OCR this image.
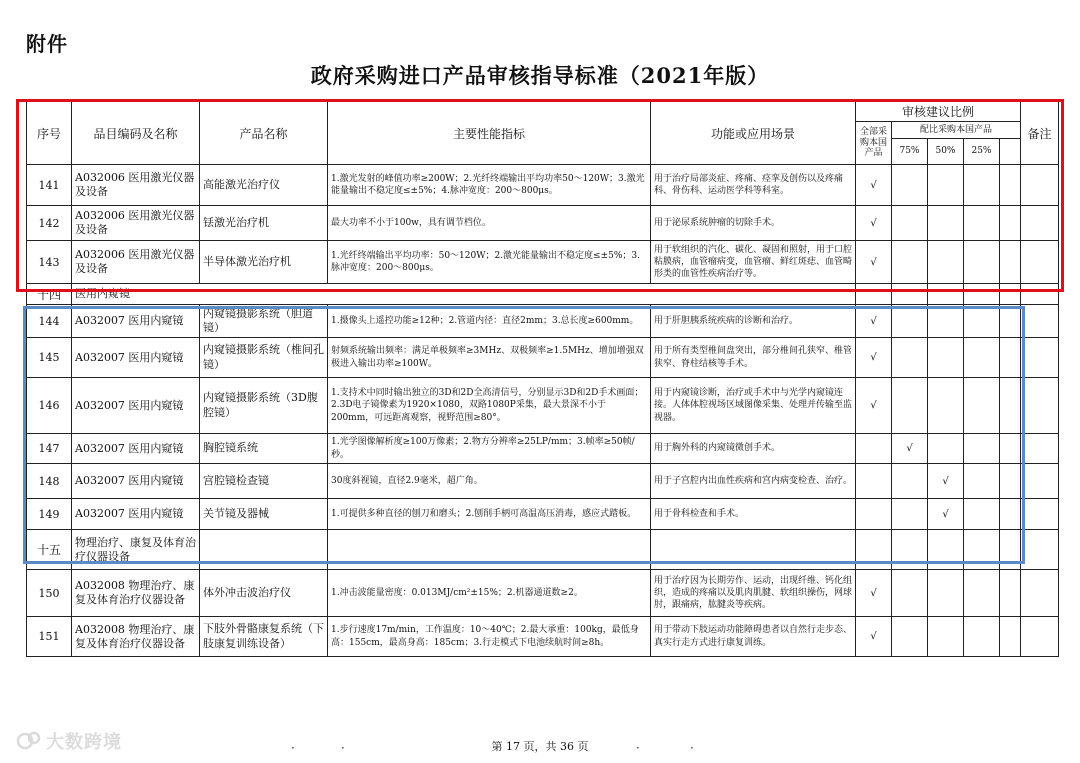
附件
政府采购进口产品审核指导标准（2021年版）
序号	品目编码及名称	产品名称	主要性能指标	功能或应用场景	审核建议比例					备注
					全部采购本国产品	配比采购本国产品				
						75%	50%	25%		
141	A032006 医用激光仪器及设备	高能激光治疗仪	1.激光发射的峰值功率≥200W；2.光纤终端输出平均功率50～120W；3.激光能量输出不稳定度≤±5%；4.脉冲宽度：200～800μs。	用于治疗局部炎症、疼痛、痉挛及创伤以及疼痛科、骨伤科、运动医学科等科室。	√					
142	A032006 医用激光仪器及设备	铥激光治疗机	最大功率不小于100w，具有调节档位。	用于泌尿系统肿瘤的切除手术。	√					
143	A032006 医用激光仪器及设备	半导体激光治疗机	1.光纤终端输出平均功率：50～120W；2.激光能量输出不稳定度≤±5%；3.脉冲宽度：200～800μs。	用于软组织的汽化、碳化、凝固和照射，用于口腔粘膜病，血管瘤病变，血管瘤、鲜红斑痣、血管畸形类的血管性疾病治疗等。	√					
十四	医用内窥镜									
144	A032007 医用内窥镜	内窥镜摄影系统（胆道镜）	1.摄像头上遥控功能≥12种；2.管道内径：直径2mm；3.总长度≥600mm。	用于肝胆胰系统疾病的诊断和治疗。	√					
145	A032007 医用内窥镜	内窥镜摄影系统（椎间孔镜）	射频系统输出频率：满足单极频率≥3MHz、双极频率≥1.5MHz、增加增强双极进入输出功率≥100W。	用于所有类型椎间盘突出，部分椎间孔狭窄、椎管狭窄、脊柱结核等手术。	√					
146	A032007 医用内窥镜	内窥镜摄影系统（3D腹腔镜）	1.支持术中同时输出独立的3D和2D全高清信号，分别显示3D和2D手术画面；2.3D电子镜像素为1920×1080，双路1080P采集，最大景深不小于200mm，可远距离观察，视野范围≥80°。	用于内窥镜诊断，治疗或手术中与光学内窥镜连接。人体体腔视场区域图像采集、处理并传输至监视器。	√					
147	A032007 医用内窥镜	胸腔镜系统	1.光学图像解析度≥100万像素；2.物方分辨率≥25LP/mm；3.帧率≥50帧/秒。	用于胸外科的内窥镜微创手术。		√				
148	A032007 医用内窥镜	宫腔镜检查镜	30度斜视镜，直径2.9毫米，超广角。	用于子宫腔内出血性疾病和宫内病变检查、治疗。			√			
149	A032007 医用内窥镜	关节镜及器械	1.可提供多种直径的刨刀和磨头；2.刨削手柄可高温高压消毒，感应式踏板。	用于骨科检查和手术。			√			
十五	物理治疗、康复及体育治疗仪器设备									
150	A032008 物理治疗、康复及体育治疗仪器设备	体外冲击波治疗仪	1.冲击波能量密度：0.013MJ/cm²±15%；2.机器通道数≥2。	用于治疗因为长期劳作、运动，出现纤维、钙化组织，造成的疼痛以及肌肉肌腱、软组织操伤，网球肘，跟痛病，肱腱炎等疾病。	√					
151	A032008 物理治疗、康复及体育治疗仪器设备	下肢外骨骼康复系统（下肢康复训练设备）	1.步行速度17m/min，工作温度：10～40℃；2.最大承重：100kg，最低身高：155cm，最高身高：185cm；3.行走模式下电池续航时间≥8h。	用于带动下肢运动功能障碍患者以自然行走步态、真实行走方式进行康复训练。	√					
·	·	第 17 页，共 36 页	·	·
大数跨境
